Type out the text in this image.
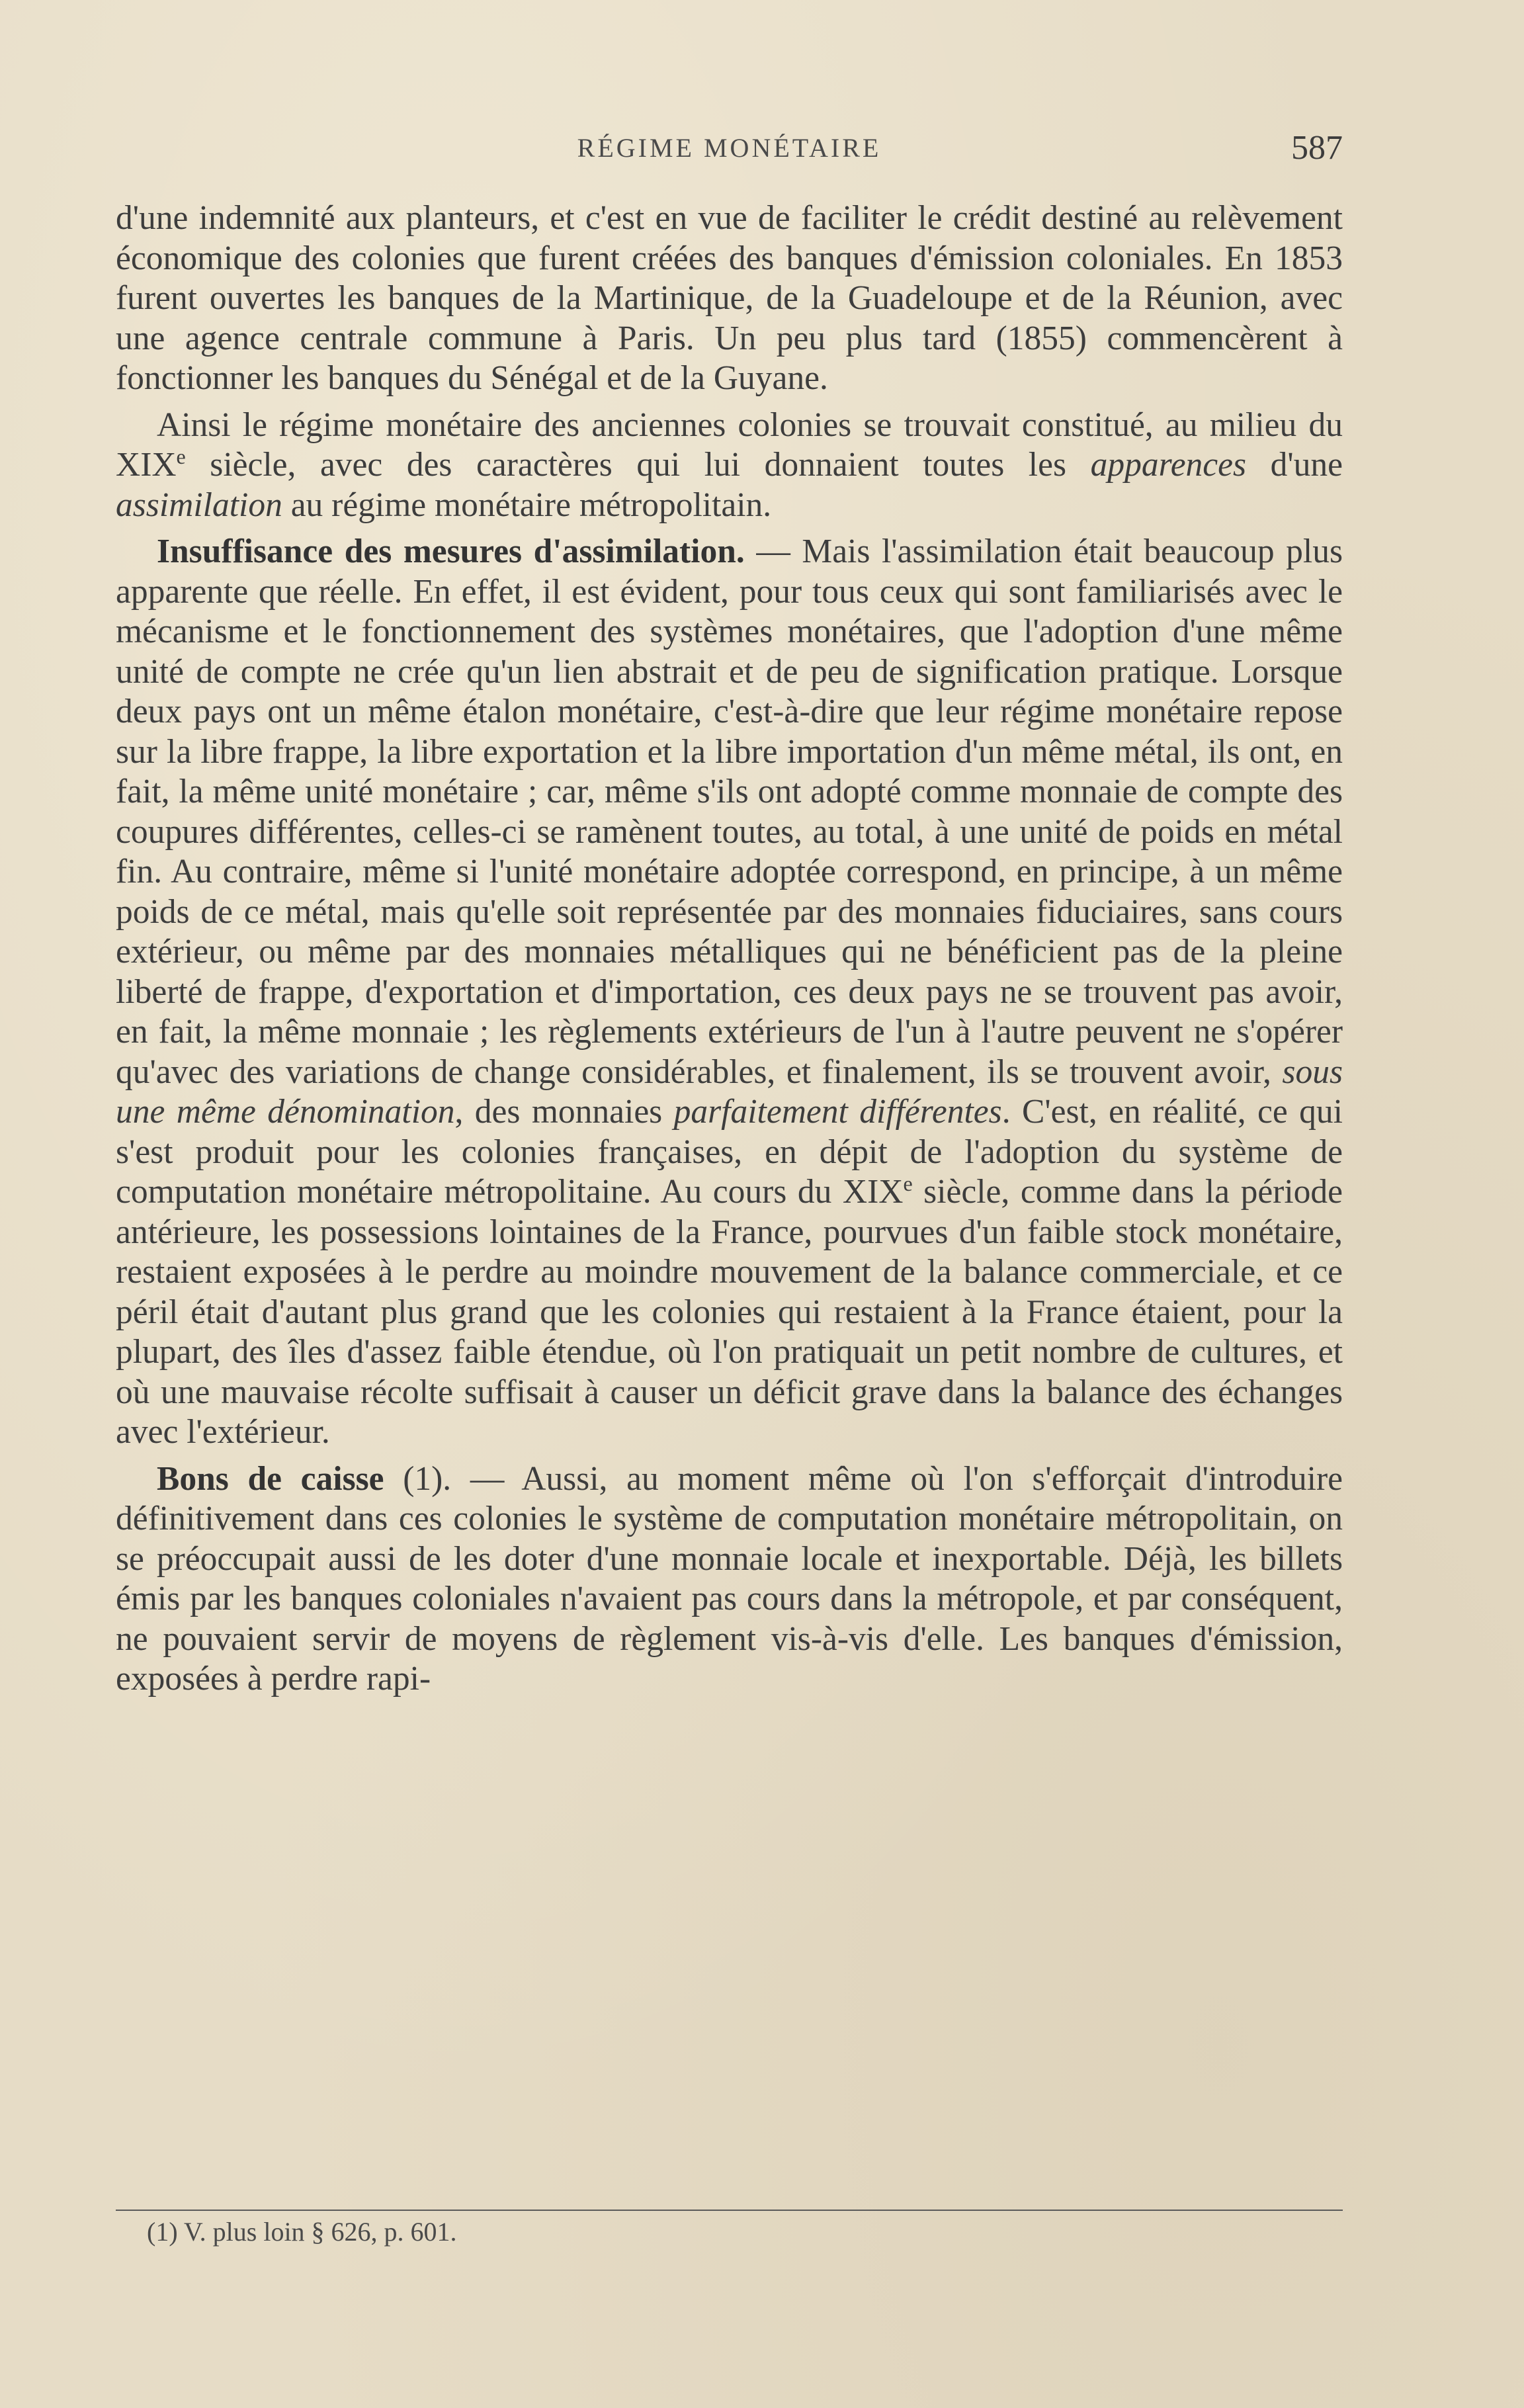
RÉGIME MONÉTAIRE	587

d'une indemnité aux planteurs, et c'est en vue de faciliter le crédit destiné au relèvement économique des colonies que furent créées des banques d'émission coloniales. En 1853 furent ouvertes les banques de la Martinique, de la Guadeloupe et de la Réunion, avec une agence centrale commune à Paris. Un peu plus tard (1855) commencèrent à fonctionner les banques du Sénégal et de la Guyane.

Ainsi le régime monétaire des anciennes colonies se trouvait constitué, au milieu du XIXe siècle, avec des caractères qui lui donnaient toutes les apparences d'une assimilation au régime monétaire métropolitain.

Insuffisance des mesures d'assimilation. — Mais l'assimilation était beaucoup plus apparente que réelle. En effet, il est évident, pour tous ceux qui sont familiarisés avec le mécanisme et le fonctionnement des systèmes monétaires, que l'adoption d'une même unité de compte ne crée qu'un lien abstrait et de peu de signification pratique. Lorsque deux pays ont un même étalon monétaire, c'est-à-dire que leur régime monétaire repose sur la libre frappe, la libre exportation et la libre importation d'un même métal, ils ont, en fait, la même unité monétaire ; car, même s'ils ont adopté comme monnaie de compte des coupures différentes, celles-ci se ramènent toutes, au total, à une unité de poids en métal fin. Au contraire, même si l'unité monétaire adoptée correspond, en principe, à un même poids de ce métal, mais qu'elle soit représentée par des monnaies fiduciaires, sans cours extérieur, ou même par des monnaies métalliques qui ne bénéficient pas de la pleine liberté de frappe, d'exportation et d'importation, ces deux pays ne se trouvent pas avoir, en fait, la même monnaie ; les règlements extérieurs de l'un à l'autre peuvent ne s'opérer qu'avec des variations de change considérables, et finalement, ils se trouvent avoir, sous une même dénomination, des monnaies parfaitement différentes. C'est, en réalité, ce qui s'est produit pour les colonies françaises, en dépit de l'adoption du système de computation monétaire métropolitaine. Au cours du XIXe siècle, comme dans la période antérieure, les possessions lointaines de la France, pourvues d'un faible stock monétaire, restaient exposées à le perdre au moindre mouvement de la balance commerciale, et ce péril était d'autant plus grand que les colonies qui restaient à la France étaient, pour la plupart, des îles d'assez faible étendue, où l'on pratiquait un petit nombre de cultures, et où une mauvaise récolte suffisait à causer un déficit grave dans la balance des échanges avec l'extérieur.

Bons de caisse (1). — Aussi, au moment même où l'on s'efforçait d'introduire définitivement dans ces colonies le système de computation monétaire métropolitain, on se préoccupait aussi de les doter d'une monnaie locale et inexportable. Déjà, les billets émis par les banques coloniales n'avaient pas cours dans la métropole, et par conséquent, ne pouvaient servir de moyens de règlement vis-à-vis d'elle. Les banques d'émission, exposées à perdre rapi-

(1) V. plus loin § 626, p. 601.
